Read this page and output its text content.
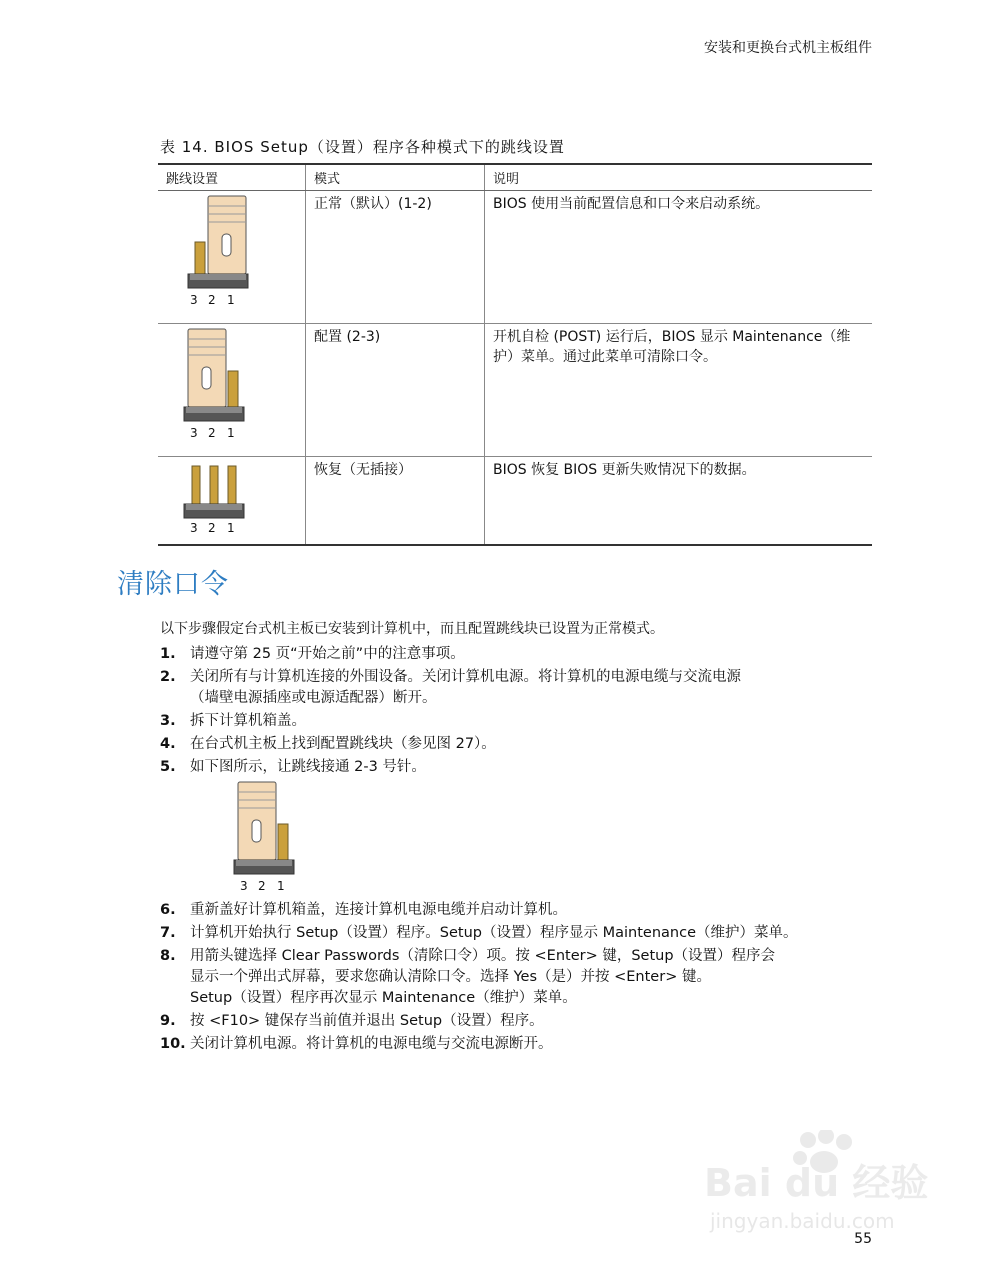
安装和更换台式机主板组件
表 14. BIOS Setup（设置）程序各种模式下的跳线设置
跳线设置	模式	说明

3 2 1	正常（默认）(1-2)	BIOS 使用当前配置信息和口令来启动系统。

3 2 1	配置 (2-3)	开机自检 (POST) 运行后，BIOS 显示 Maintenance（维护）菜单。通过此菜单可清除口令。

3 2 1	恢复（无插接）	BIOS 恢复 BIOS 更新失败情况下的数据。
清除口令
以下步骤假定台式机主板已安装到计算机中，而且配置跳线块已设置为正常模式。
1. 请遵守第 25 页“开始之前”中的注意事项。
2. 关闭所有与计算机连接的外围设备。关闭计算机电源。将计算机的电源电缆与交流电源
（墙壁电源插座或电源适配器）断开。
3. 拆下计算机箱盖。
4. 在台式机主板上找到配置跳线块（参见图 27）。
5. 如下图所示，让跳线接通 2-3 号针。
3 2 1
6. 重新盖好计算机箱盖，连接计算机电源电缆并启动计算机。
7. 计算机开始执行 Setup（设置）程序。Setup（设置）程序显示 Maintenance（维护）菜单。
8. 用箭头键选择 Clear Passwords（清除口令）项。按 <Enter> 键，Setup（设置）程序会
显示一个弹出式屏幕，要求您确认清除口令。选择 Yes（是）并按 <Enter> 键。
Setup（设置）程序再次显示 Maintenance（维护）菜单。
9. 按 <F10> 键保存当前值并退出 Setup（设置）程序。
10. 关闭计算机电源。将计算机的电源电缆与交流电源断开。
Bai du 经验
jingyan.baidu.com
55
